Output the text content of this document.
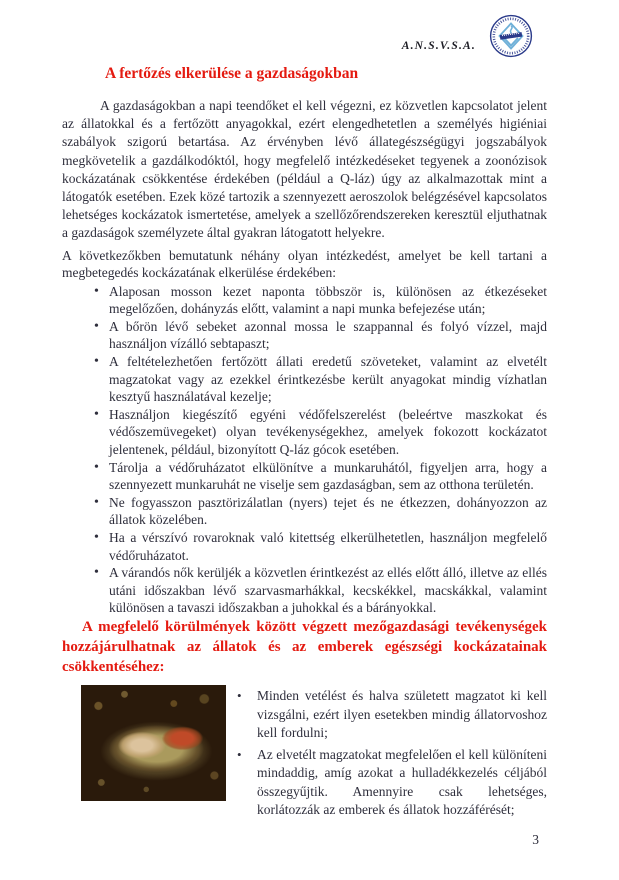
A.N.S.V.S.A.
A fertőzés elkerülése a gazdaságokban

A gazdaságokban a napi teendőket el kell végezni, ez közvetlen kapcsolatot jelent az állatokkal és a fertőzött anyagokkal, ezért elengedhetetlen a személyés higiéniai szabályok szigorú betartása. Az érvényben lévő állategészségügyi jogszabályok megkövetelik a gazdálkodóktól, hogy megfelelő intézkedéseket tegyenek a zoonózisok kockázatának csökkentése érdekében (például a Q-láz) úgy az alkalmazottak mint a látogatók esetében. Ezek közé tartozik a szennyezett aeroszolok belégzésével kapcsolatos lehetséges kockázatok ismertetése, amelyek a szellőzőrendszereken keresztül eljuthatnak a gazdaságok személyzete által gyakran látogatott helyekre.

A következőkben bemutatunk néhány olyan intézkedést, amelyet be kell tartani a megbetegedés kockázatának elkerülése érdekében:

• Alaposan mosson kezet naponta többször is, különösen az étkezéseket megelőzően, dohányzás előtt, valamint a napi munka befejezése után;
• A bőrön lévő sebeket azonnal mossa le szappannal és folyó vízzel, majd használjon vízálló sebtapaszt;
• A feltételezhetően fertőzött állati eredetű szöveteket, valamint az elvetélt magzatokat vagy az ezekkel érintkezésbe került anyagokat mindig vízhatlan kesztyű használatával kezelje;
• Használjon kiegészítő egyéni védőfelszerelést (beleértve maszkokat és védőszemüvegeket) olyan tevékenységekhez, amelyek fokozott kockázatot jelentenek, például, bizonyított Q-láz gócok esetében.
• Tárolja a védőruházatot elkülönítve a munkaruhától, figyeljen arra, hogy a szennyezett munkaruhát ne viselje sem gazdaságban, sem az otthona területén.
• Ne fogyasszon pasztörizálatlan (nyers) tejet és ne étkezzen, dohányozzon az állatok közelében.
• Ha a vérszívó rovaroknak való kitettség elkerülhetetlen, használjon megfelelő védőruházatot.
• A várandós nők kerüljék a közvetlen érintkezést az ellés előtt álló, illetve az ellés utáni időszakban lévő szarvasmarhákkal, kecskékkel, macskákkal, valamint különösen a tavaszi időszakban a juhokkal és a bárányokkal.
A megfelelő körülmények között végzett mezőgazdasági tevékenységek hozzájárulhatnak az állatok és az emberek egészségi kockázatainak csökkentéséhez:
• Minden vetélést és halva született magzatot ki kell vizsgálni, ezért ilyen esetekben mindig állatorvoshoz kell fordulni;
• Az elvetélt magzatokat megfelelően el kell különíteni mindaddig, amíg azokat a hulladékkezelés céljából összegyűjtik. Amennyire csak lehetséges, korlátozzák az emberek és állatok hozzáférését;
3
